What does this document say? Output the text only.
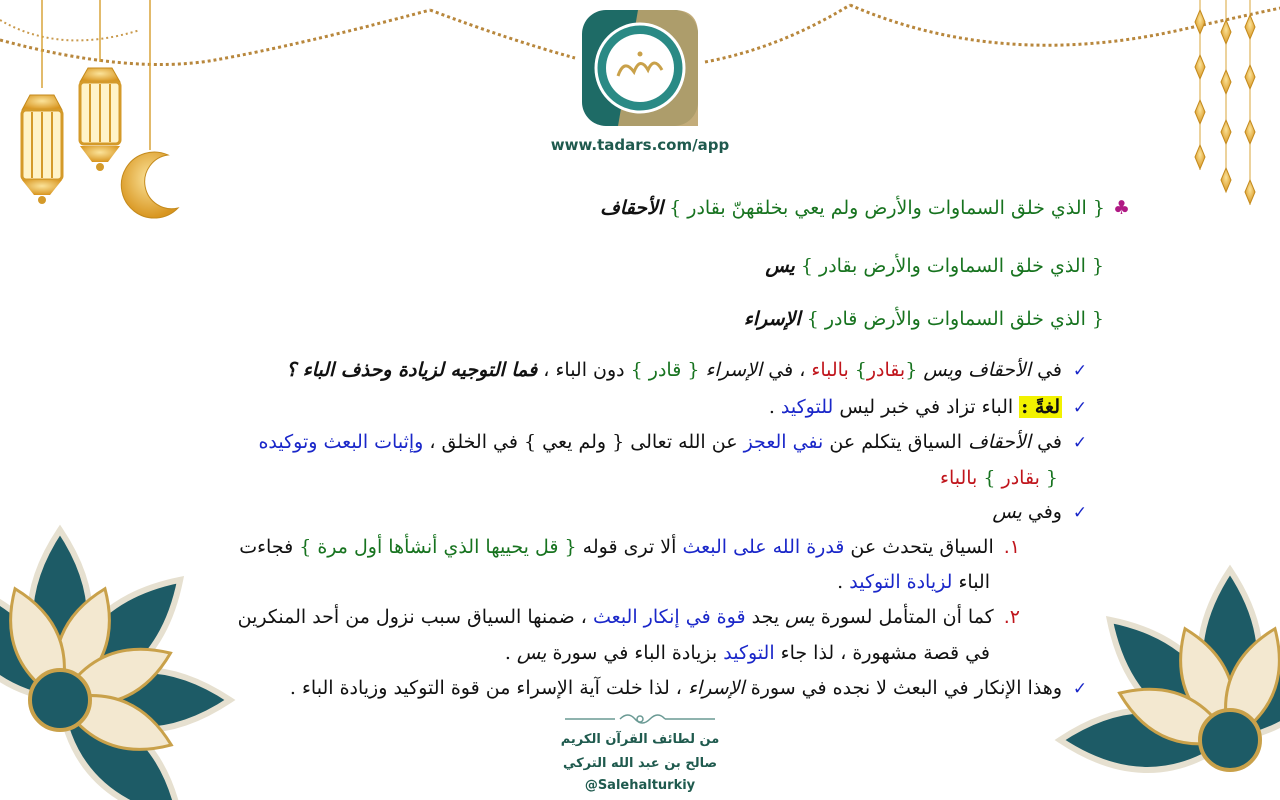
www.tadars.com/app
♣{ الذي خلق السماوات والأرض ولم يعي بخلقهنّ بقادر } الأحقاف
{ الذي خلق السماوات والأرض بقادر } يس
{ الذي خلق السماوات والأرض قادر } الإسراء
✓في الأحقاف ويس {بقادر} بالباء ، في الإسراء { قادر } دون الباء ، فما التوجيه لزيادة وحذف الباء ؟
✓لغةً : الباء تزاد في خبر ليس للتوكيد .
✓في الأحقاف السياق يتكلم عن نفي العجز عن الله تعالى { ولم يعي } في الخلق ، وإثبات البعث وتوكيده
{ بقادر } بالباء
✓وفي يس
١.السياق يتحدث عن قدرة الله على البعث ألا ترى قوله { قل يحييها الذي أنشأها أول مرة } فجاءت
الباء لزيادة التوكيد .
٢.كما أن المتأمل لسورة يس يجد قوة في إنكار البعث ، ضمنها السياق سبب نزول من أحد المنكرين
في قصة مشهورة ، لذا جاء التوكيد بزيادة الباء في سورة يس .
✓وهذا الإنكار في البعث لا نجده في سورة الإسراء ، لذا خلت آية الإسراء من قوة التوكيد وزيادة الباء .
من لطائف القرآن الكريم
صالح بن عبد الله التركي
@Salehalturkiy
